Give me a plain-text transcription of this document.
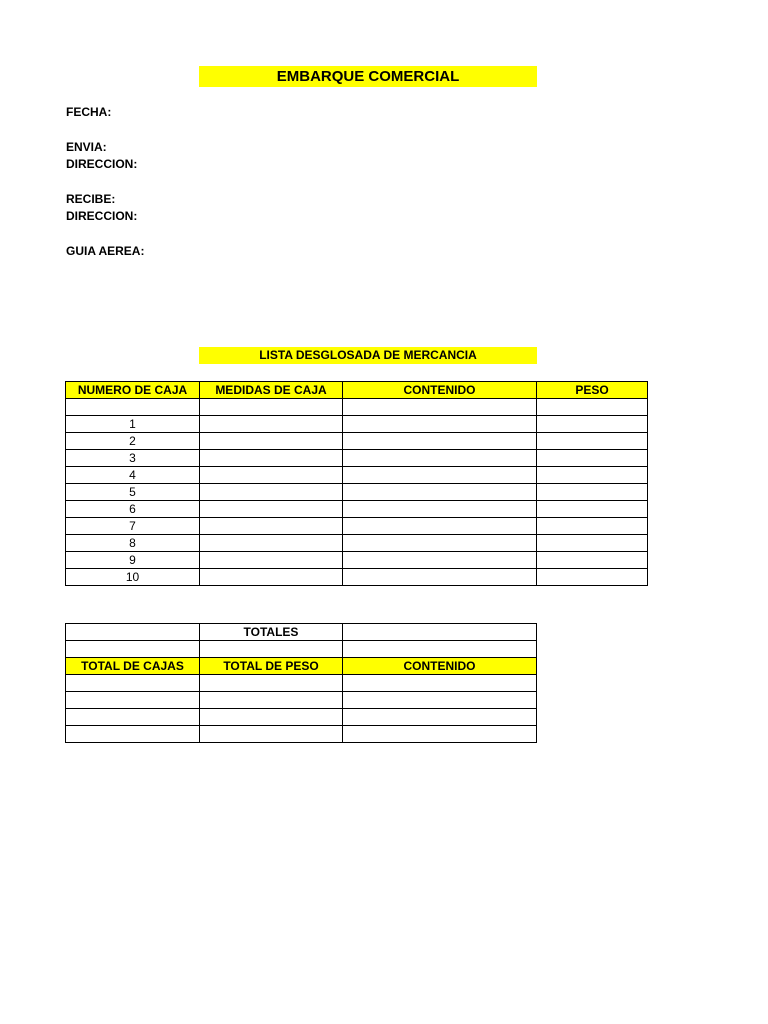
EMBARQUE COMERCIAL
FECHA:
ENVIA:
DIRECCION:
RECIBE:
DIRECCION:
GUIA AEREA:
LISTA DESGLOSADA DE MERCANCIA
NUMERO DE CAJA	MEDIDAS DE CAJA	CONTENIDO	PESO

1			
2			
3			
4			
5			
6			
7			
8			
9			
10			
	TOTALES	

TOTAL DE CAJAS	TOTAL DE PESO	CONTENIDO
